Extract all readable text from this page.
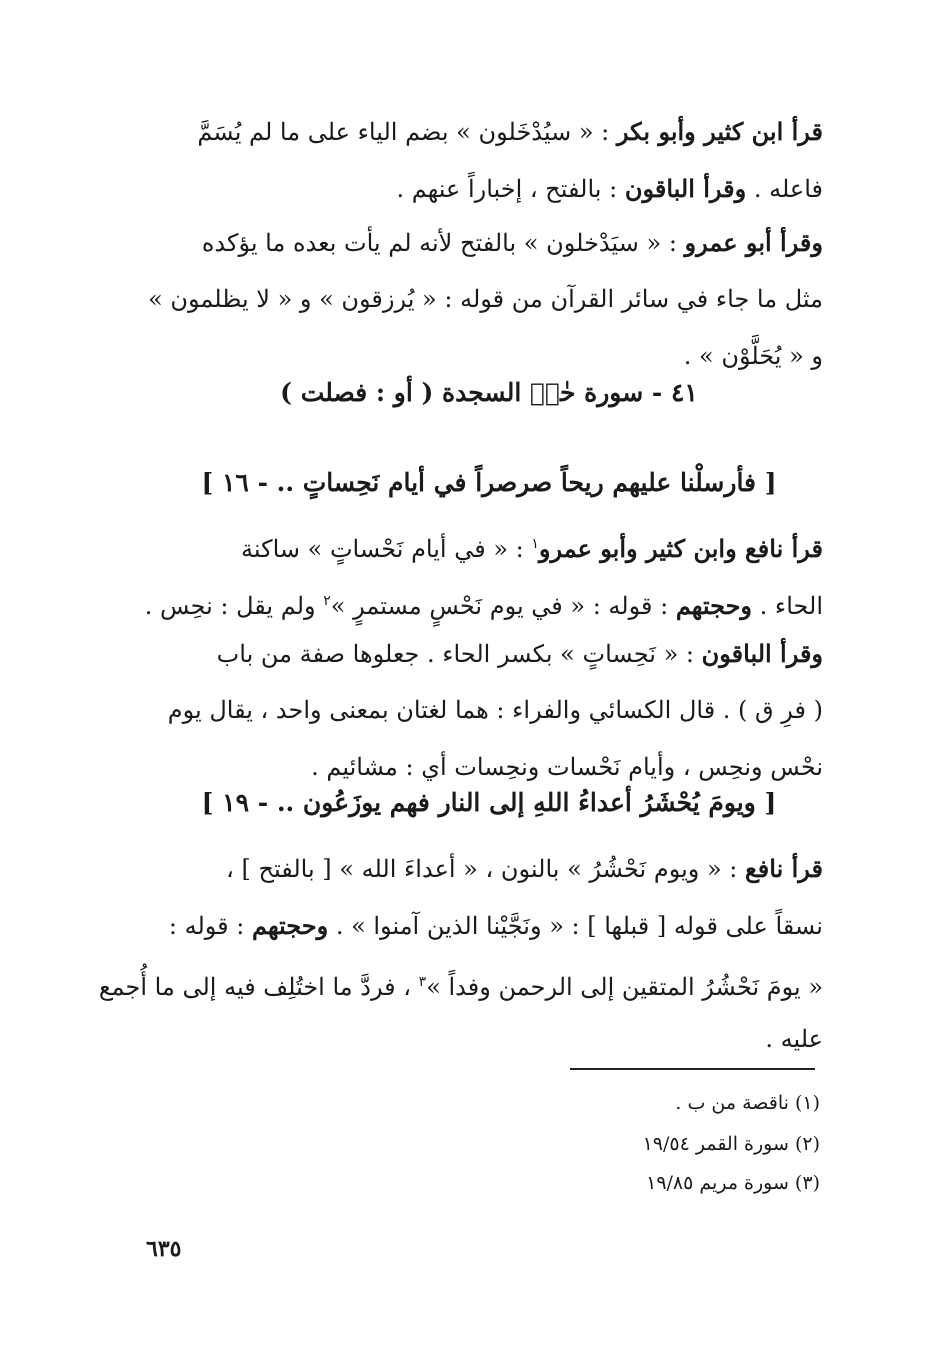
قرأ ابن كثير وأبو بكر : « سيُدْخَلون » بضم الياء على ما لم يُسَمَّ
فاعله . وقرأ الباقون : بالفتح ، إخباراً عنهم .
وقرأ أبو عمرو : « سيَدْخلون » بالفتح لأنه لم يأت بعده ما يؤكده
مثل ما جاء في سائر القرآن من قوله : « يُرزقون » و « لا يظلمون »
و « يُحَلَّوْن » .
٤١ - سورة حٰمۤ السجدة ( أو : فصلت )
[ فأرسلْنا عليهم ريحاً صرصراً في أيام نَحِساتٍ .. - ١٦ ]
قرأ نافع وابن كثير وأبو عمرو$^١$ : « في أيام نَحْساتٍ » ساكنة
الحاء . وحجتهم : قوله : « في يوم نَحْسٍ مستمرٍ »$^٢$ ولم يقل : نحِس .
وقرأ الباقون : « نَحِساتٍ » بكسر الحاء . جعلوها صفة من باب
( فرِ ق ) . قال الكسائي والفراء : هما لغتان بمعنى واحد ، يقال يوم
نحْس ونحِس ، وأيام نَحْسات ونحِسات أي : مشائيم .
[ ويومَ يُحْشَرُ أعداءُ اللهِ إلى النار فهم يوزَعُون .. - ١٩ ]
قرأ نافع : « ويوم نَحْشُرُ » بالنون ، « أعداءَ الله » [ بالفتح ] ،
نسقاً على قوله [ قبلها ] : « ونَجَّيْنا الذين آمنوا » . وحجتهم : قوله :
« يومَ نَحْشُرُ المتقين إلى الرحمن وفداً »$^٣$ ، فردَّ ما اختُلِف فيه إلى ما أُجمع
عليه .
(١) ناقصة من ب .
(٢) سورة القمر ١٩/٥٤
(٣) سورة مريم ١٩/٨٥
٦٣٥
